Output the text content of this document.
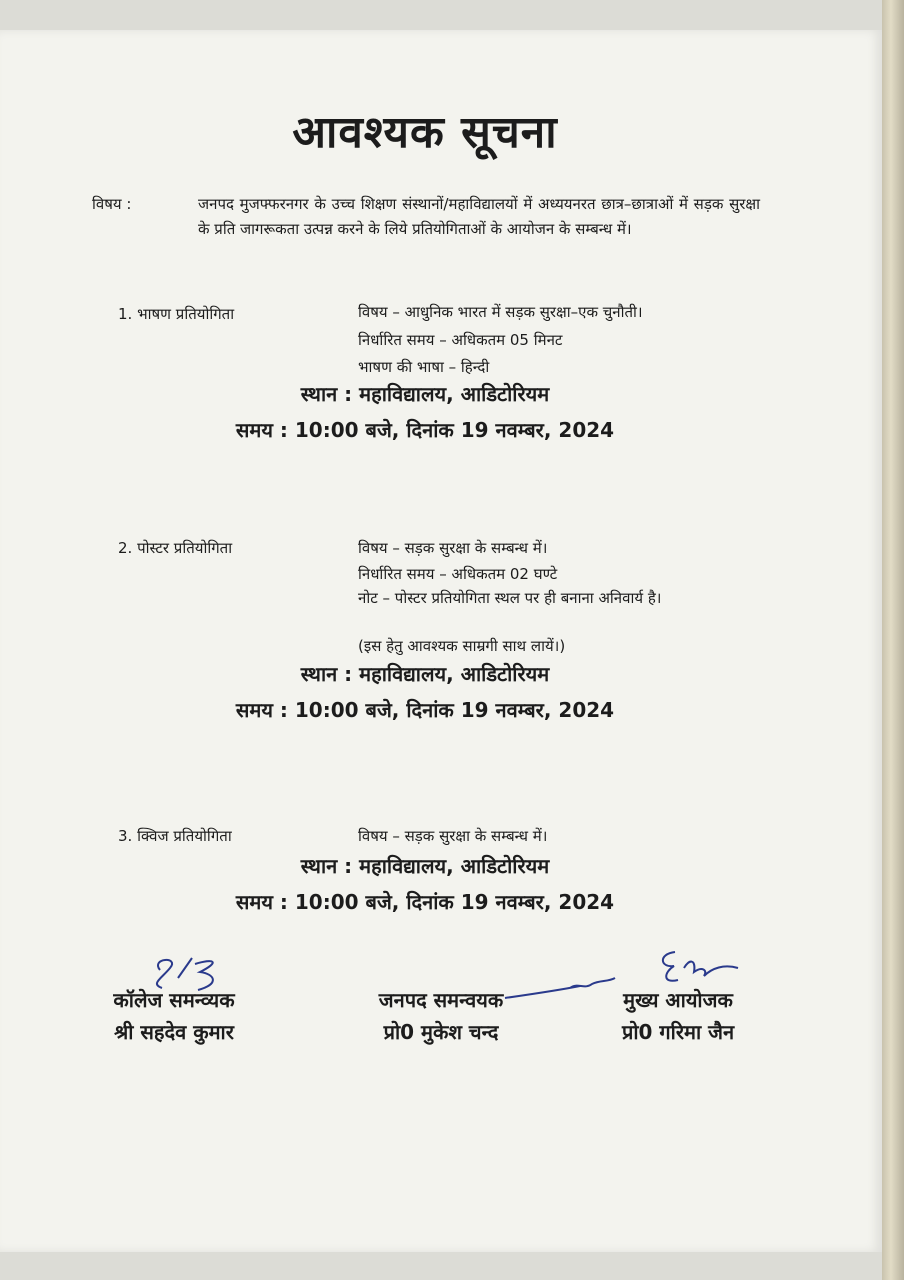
आवश्यक सूचना
विषय :	जनपद मुजफ्फरनगर के उच्च शिक्षण संस्थानों/महाविद्यालयों में अध्ययनरत छात्र–छात्राओं में सड़क सुरक्षा के प्रति जागरूकता उत्पन्न करने के लिये प्रतियोगिताओं के आयोजन के सम्बन्ध में।
1. भाषण प्रतियोगिता	विषय – आधुनिक भारत में सड़क सुरक्षा–एक चुनौती।
निर्धारित समय – अधिकतम 05 मिनट
भाषण की भाषा – हिन्दी
स्थान : महाविद्यालय, आडिटोरियम
समय : 10:00 बजे, दिनांक 19 नवम्बर, 2024
2. पोस्टर प्रतियोगिता	विषय – सड़क सुरक्षा के सम्बन्ध में।
निर्धारित समय – अधिकतम 02 घण्टे
नोट – पोस्टर प्रतियोगिता स्थल पर ही बनाना अनिवार्य है।
(इस हेतु आवश्यक साम्रगी साथ लायें।)
स्थान : महाविद्यालय, आडिटोरियम
समय : 10:00 बजे, दिनांक 19 नवम्बर, 2024
3. क्विज प्रतियोगिता	विषय – सड़क सुरक्षा के सम्बन्ध में।
स्थान : महाविद्यालय, आडिटोरियम
समय : 10:00 बजे, दिनांक 19 नवम्बर, 2024
कॉलेज समन्व्यक
श्री सहदेव कुमार
जनपद समन्वयक
प्रो0 मुकेश चन्द
मुख्य आयोजक
प्रो0 गरिमा जैन
